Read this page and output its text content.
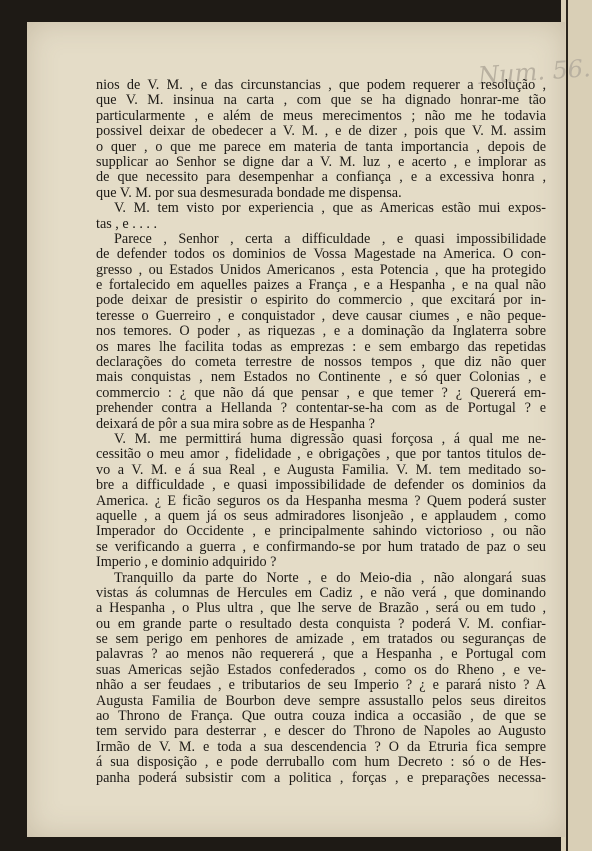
Num. 56.
nios de V. M. , e das circunstancias , que podem requerer a resolução ,
que V. M. insinua na carta , com que se ha dignado honrar-me tão
particularmente , e além de meus merecimentos ; não me he todavia
possivel deixar de obedecer a V. M. , e de dizer , pois que V. M. assim
o quer , o que me parece em materia de tanta importancia , depois de
supplicar ao Senhor se digne dar a V. M. luz , e acerto , e implorar as
de que necessito para desempenhar a confiança , e a excessiva honra ,
que V. M. por sua desmesurada bondade me dispensa.
V. M. tem visto por experiencia , que as Americas estão mui expos-
tas , e . . . .
Parece , Senhor , certa a difficuldade , e quasi impossibilidade
de defender todos os dominios de Vossa Magestade na America. O con-
gresso , ou Estados Unidos Americanos , esta Potencia , que ha protegido
e fortalecido em aquelles paizes a França , e a Hespanha , e na qual não
pode deixar de presistir o espirito do commercio , que excitará por in-
teresse o Guerreiro , e conquistador , deve causar ciumes , e não peque-
nos temores. O poder , as riquezas , e a dominação da Inglaterra sobre
os mares lhe facilita todas as emprezas : e sem embargo das repetidas
declarações do cometa terrestre de nossos tempos , que diz não quer
mais conquistas , nem Estados no Continente , e só quer Colonias , e
commercio : ¿ que não dá que pensar , e que temer ? ¿ Quererá em-
prehender contra a Hellanda ? contentar-se-ha com as de Portugal ? e
deixará de pôr a sua mira sobre as de Hespanha ?
V. M. me permittirá huma digressão quasi forçosa , á qual me ne-
cessitão o meu amor , fidelidade , e obrigações , que por tantos titulos de-
vo a V. M. e á sua Real , e Augusta Familia. V. M. tem meditado so-
bre a difficuldade , e quasi impossibilidade de defender os dominios da
America. ¿ E ficão seguros os da Hespanha mesma ? Quem poderá suster
aquelle , a quem já os seus admiradores lisonjeão , e applaudem , como
Imperador do Occidente , e principalmente sahindo victorioso , ou não
se verificando a guerra , e confirmando-se por hum tratado de paz o seu
Imperio , e dominio adquirido ?
Tranquillo da parte do Norte , e do Meio-dia , não alongará suas
vistas ás columnas de Hercules em Cadiz , e não verá , que dominando
a Hespanha , o Plus ultra , que lhe serve de Brazão , será ou em tudo ,
ou em grande parte o resultado desta conquista ? poderá V. M. confiar-
se sem perigo em penhores de amizade , em tratados ou seguranças de
palavras ? ao menos não requererá , que a Hespanha , e Portugal com
suas Americas sejão Estados confederados , como os do Rheno , e ve-
nhão a ser feudaes , e tributarios de seu Imperio ? ¿ e parará nisto ? A
Augusta Familia de Bourbon deve sempre assustallo pelos seus direitos
ao Throno de França. Que outra couza indica a occasião , de que se
tem servido para desterrar , e descer do Throno de Napoles ao Augusto
Irmão de V. M. e toda a sua descendencia ? O da Etruria fica sempre
á sua disposição , e pode derruballo com hum Decreto : só o de Hes-
panha poderá subsistir com a politica , forças , e preparações necessa-
